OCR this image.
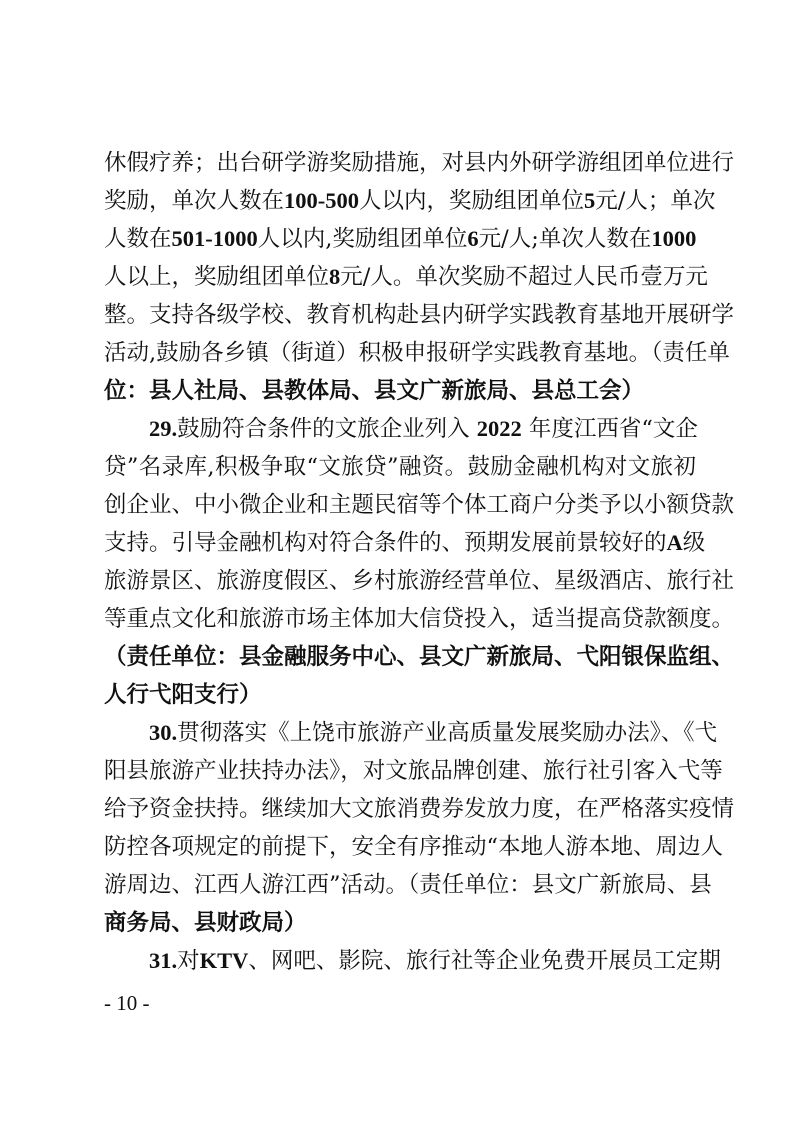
休假疗养；出台研学游奖励措施，对县内外研学游组团单位进行
奖励，单次人数在100-500人以内，奖励组团单位5元/人；单次
人数在501-1000人以内,奖励组团单位6元/人;单次人数在1000
人以上，奖励组团单位8元/人。单次奖励不超过人民币壹万元
整。支持各级学校、教育机构赴县内研学实践教育基地开展研学
活动,鼓励各乡镇（街道）积极申报研学实践教育基地。（责任单
位：县人社局、县教体局、县文广新旅局、县总工会）
29.鼓励符合条件的文旅企业列入 2022 年度江西省“文企
贷”名录库,积极争取“文旅贷”融资。鼓励金融机构对文旅初
创企业、中小微企业和主题民宿等个体工商户分类予以小额贷款
支持。引导金融机构对符合条件的、预期发展前景较好的A级
旅游景区、旅游度假区、乡村旅游经营单位、星级酒店、旅行社
等重点文化和旅游市场主体加大信贷投入，适当提高贷款额度。
（责任单位：县金融服务中心、县文广新旅局、弋阳银保监组、
人行弋阳支行）
30.贯彻落实《上饶市旅游产业高质量发展奖励办法》、《弋
阳县旅游产业扶持办法》，对文旅品牌创建、旅行社引客入弋等
给予资金扶持。继续加大文旅消费券发放力度，在严格落实疫情
防控各项规定的前提下，安全有序推动“本地人游本地、周边人
游周边、江西人游江西”活动。（责任单位：县文广新旅局、县
商务局、县财政局）
31.对KTV、网吧、影院、旅行社等企业免费开展员工定期
- 10 -
